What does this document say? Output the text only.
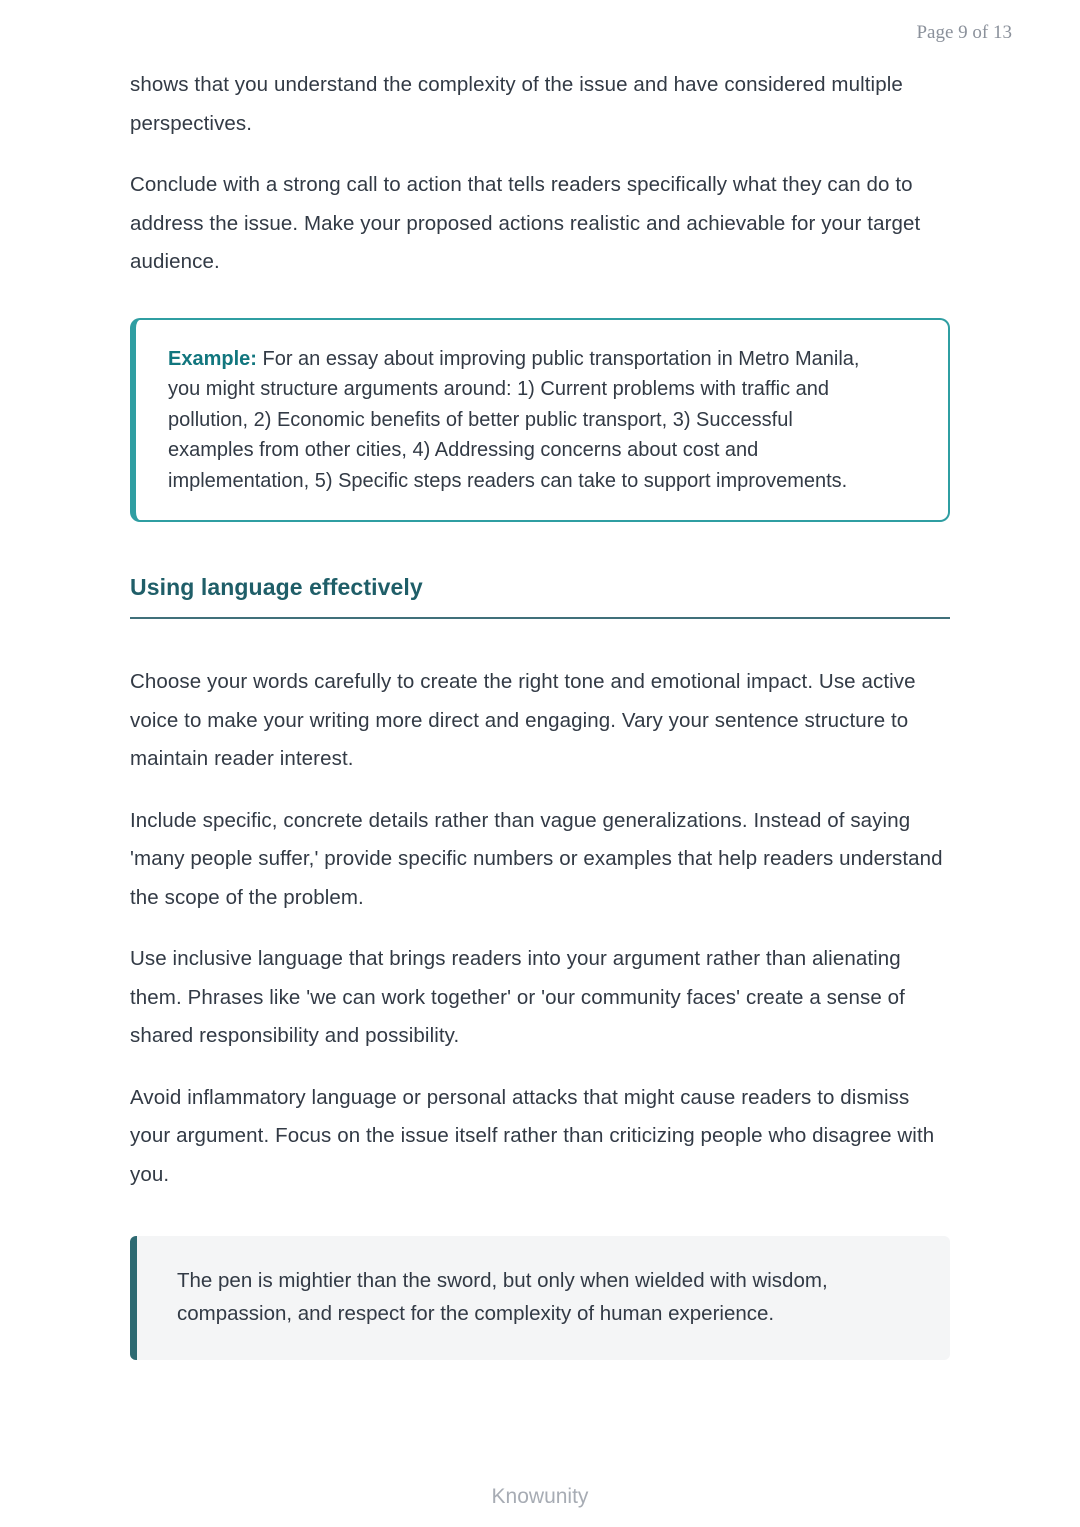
Page 9 of 13

shows that you understand the complexity of the issue and have considered multiple perspectives.

Conclude with a strong call to action that tells readers specifically what they can do to address the issue. Make your proposed actions realistic and achievable for your target audience.

Example: For an essay about improving public transportation in Metro Manila, you might structure arguments around: 1) Current problems with traffic and pollution, 2) Economic benefits of better public transport, 3) Successful examples from other cities, 4) Addressing concerns about cost and implementation, 5) Specific steps readers can take to support improvements.

Using language effectively

Choose your words carefully to create the right tone and emotional impact. Use active voice to make your writing more direct and engaging. Vary your sentence structure to maintain reader interest.

Include specific, concrete details rather than vague generalizations. Instead of saying 'many people suffer,' provide specific numbers or examples that help readers understand the scope of the problem.

Use inclusive language that brings readers into your argument rather than alienating them. Phrases like 'we can work together' or 'our community faces' create a sense of shared responsibility and possibility.

Avoid inflammatory language or personal attacks that might cause readers to dismiss your argument. Focus on the issue itself rather than criticizing people who disagree with you.

The pen is mightier than the sword, but only when wielded with wisdom, compassion, and respect for the complexity of human experience.

Knowunity
